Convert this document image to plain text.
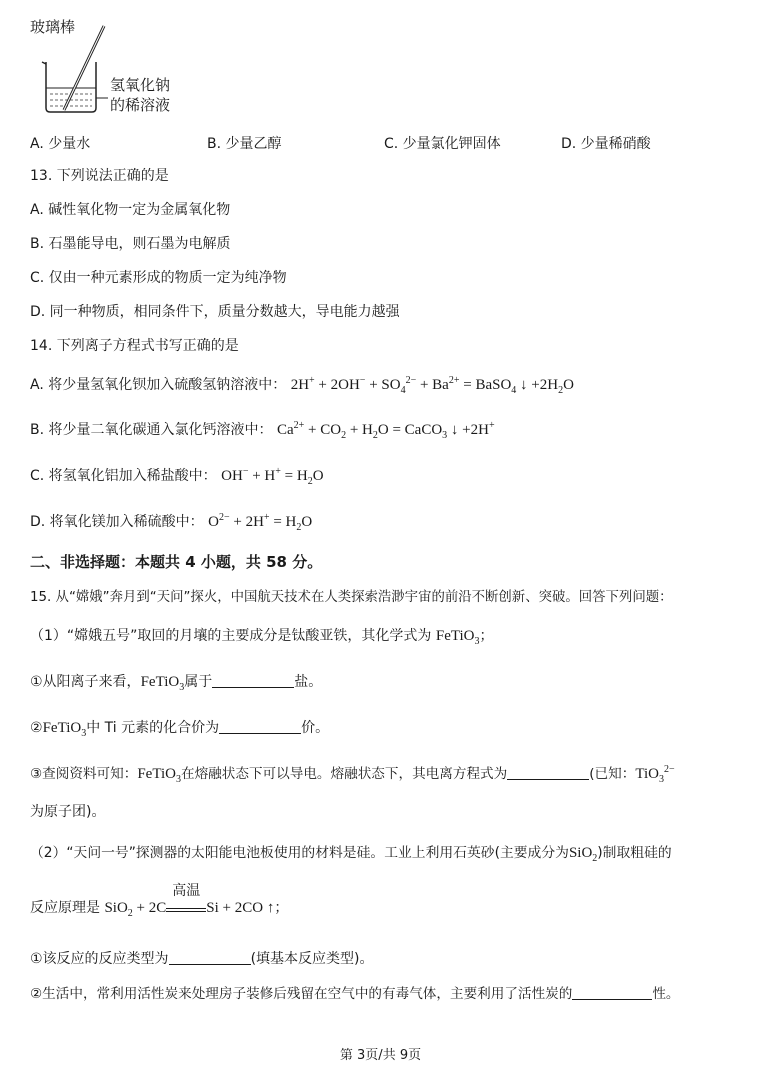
玻璃棒
氢氧化钠
的稀溶液
A. 少量水	B. 少量乙醇	C. 少量氯化钾固体	D. 少量稀硝酸
13. 下列说法正确的是
A. 碱性氧化物一定为金属氧化物
B. 石墨能导电，则石墨为电解质
C. 仅由一种元素形成的物质一定为纯净物
D. 同一种物质，相同条件下，质量分数越大，导电能力越强
14. 下列离子方程式书写正确的是
A. 将少量氢氧化钡加入硫酸氢钠溶液中： $2H^+ + 2OH^- + SO_4^{2-} + Ba^{2+}$ = BaSO$_4$ ↓ $+2H_2O$
B. 将少量二氧化碳通入氯化钙溶液中： $Ca^{2+} + CO_2 + H_2O$ = CaCO$_3$ ↓ +2H+
C. 将氢氧化铝加入稀盐酸中： $OH^- + H^+ = H_2O$
D. 将氧化镁加入稀硫酸中： $O^{2-} + 2H^+ = H_2O$
二、非选择题：本题共 4 小题，共 58 分。
15. 从“嫦娥”奔月到“天问”探火，中国航天技术在人类探索浩渺宇宙的前沿不断创新、突破。回答下列问题：
（1）“嫦娥五号”取回的月壤的主要成分是钛酸亚铁，其化学式为 FeTiO$_3$；
①从阳离子来看，FeTiO$_3$属于	盐。
②FeTiO$_3$中 Ti 元素的化合价为	价。
③查阅资料可知：FeTiO$_3$在熔融状态下可以导电。熔融状态下，其电离方程式为	(已知：TiO$_3^{2-}$
为原子团)。
（2）“天问一号”探测器的太阳能电池板使用的材料是硅。工业上利用石英砂(主要成分为SiO$_2$)制取粗硅的
反应原理是 SiO$_2$ + 2C
高温
Si + 2CO ↑；
①该反应的反应类型为	(填基本反应类型)。
②生活中，常利用活性炭来处理房子装修后残留在空气中的有毒气体，主要利用了活性炭的	性。
第 3页/共 9页
